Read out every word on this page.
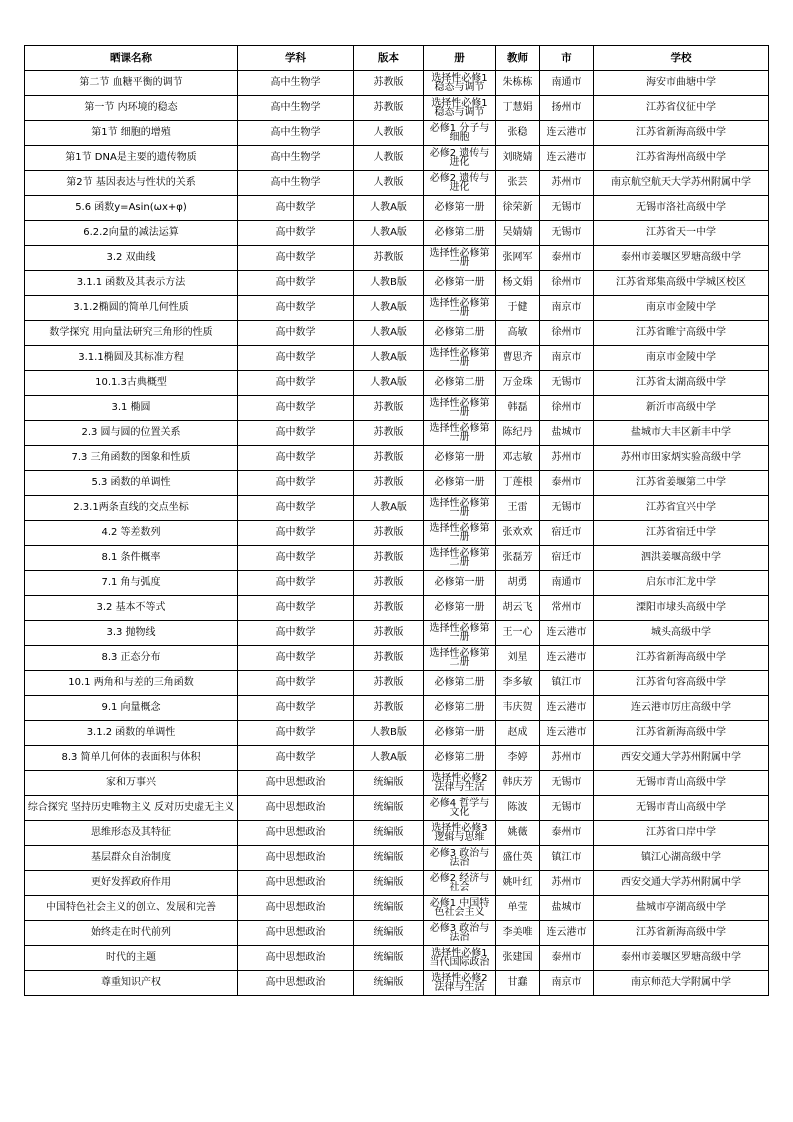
晒课名称	学科	版本	册	教师	市	学校
第二节 血糖平衡的调节	高中生物学	苏教版	选择性必修1 稳态与调节	朱栋栋	南通市	海安市曲塘中学
第一节 内环境的稳态	高中生物学	苏教版	选择性必修1 稳态与调节	丁慧娟	扬州市	江苏省仪征中学
第1节 细胞的增殖	高中生物学	人教版	必修1 分子与细胞	张稳	连云港市	江苏省新海高级中学
第1节 DNA是主要的遗传物质	高中生物学	人教版	必修2 遗传与进化	刘晓婧	连云港市	江苏省海州高级中学
第2节 基因表达与性状的关系	高中生物学	人教版	必修2 遗传与进化	张芸	苏州市	南京航空航天大学苏州附属中学
5.6 函数y=Asin(ωx+φ)	高中数学	人教A版	必修第一册	徐荣新	无锡市	无锡市洛社高级中学
6.2.2向量的减法运算	高中数学	人教A版	必修第二册	吴婧婧	无锡市	江苏省天一中学
3.2 双曲线	高中数学	苏教版	选择性必修第一册	张网军	泰州市	泰州市姜堰区罗塘高级中学
3.1.1 函数及其表示方法	高中数学	人教B版	必修第一册	杨文娟	徐州市	江苏省郑集高级中学城区校区
3.1.2椭圆的简单几何性质	高中数学	人教A版	选择性必修第一册	于健	南京市	南京市金陵中学
数学探究 用向量法研究三角形的性质	高中数学	人教A版	必修第二册	高敏	徐州市	江苏省睢宁高级中学
3.1.1椭圆及其标准方程	高中数学	人教A版	选择性必修第一册	曹思齐	南京市	南京市金陵中学
10.1.3古典概型	高中数学	人教A版	必修第二册	万金珠	无锡市	江苏省太湖高级中学
3.1 椭圆	高中数学	苏教版	选择性必修第一册	韩磊	徐州市	新沂市高级中学
2.3 圆与圆的位置关系	高中数学	苏教版	选择性必修第一册	陈纪丹	盐城市	盐城市大丰区新丰中学
7.3 三角函数的图象和性质	高中数学	苏教版	必修第一册	邓志敏	苏州市	苏州市田家炳实验高级中学
5.3 函数的单调性	高中数学	苏教版	必修第一册	丁莲根	泰州市	江苏省姜堰第二中学
2.3.1两条直线的交点坐标	高中数学	人教A版	选择性必修第一册	王雷	无锡市	江苏省宜兴中学
4.2 等差数列	高中数学	苏教版	选择性必修第一册	张欢欢	宿迁市	江苏省宿迁中学
8.1 条件概率	高中数学	苏教版	选择性必修第二册	张磊芳	宿迁市	泗洪姜堰高级中学
7.1 角与弧度	高中数学	苏教版	必修第一册	胡勇	南通市	启东市汇龙中学
3.2 基本不等式	高中数学	苏教版	必修第一册	胡云飞	常州市	溧阳市埭头高级中学
3.3 抛物线	高中数学	苏教版	选择性必修第一册	王一心	连云港市	城头高级中学
8.3 正态分布	高中数学	苏教版	选择性必修第二册	刘星	连云港市	江苏省新海高级中学
10.1 两角和与差的三角函数	高中数学	苏教版	必修第二册	李多敏	镇江市	江苏省句容高级中学
9.1 向量概念	高中数学	苏教版	必修第二册	韦庆贺	连云港市	连云港市厉庄高级中学
3.1.2 函数的单调性	高中数学	人教B版	必修第一册	赵成	连云港市	江苏省新海高级中学
8.3 简单几何体的表面积与体积	高中数学	人教A版	必修第二册	李婷	苏州市	西安交通大学苏州附属中学
家和万事兴	高中思想政治	统编版	选择性必修2 法律与生活	韩庆芳	无锡市	无锡市青山高级中学
综合探究 坚持历史唯物主义 反对历史虚无主义	高中思想政治	统编版	必修4 哲学与文化	陈波	无锡市	无锡市青山高级中学
思维形态及其特征	高中思想政治	统编版	选择性必修3 逻辑与思维	姚薇	泰州市	江苏省口岸中学
基层群众自治制度	高中思想政治	统编版	必修3 政治与法治	盛仕英	镇江市	镇江心湖高级中学
更好发挥政府作用	高中思想政治	统编版	必修2 经济与社会	姚叶红	苏州市	西安交通大学苏州附属中学
中国特色社会主义的创立、发展和完善	高中思想政治	统编版	必修1 中国特色社会主义	单莹	盐城市	盐城市亭湖高级中学
始终走在时代前列	高中思想政治	统编版	必修3 政治与法治	李美唯	连云港市	江苏省新海高级中学
时代的主题	高中思想政治	统编版	选择性必修1 当代国际政治	张建国	泰州市	泰州市姜堰区罗塘高级中学
尊重知识产权	高中思想政治	统编版	选择性必修2 法律与生活	甘蠢	南京市	南京师范大学附属中学
